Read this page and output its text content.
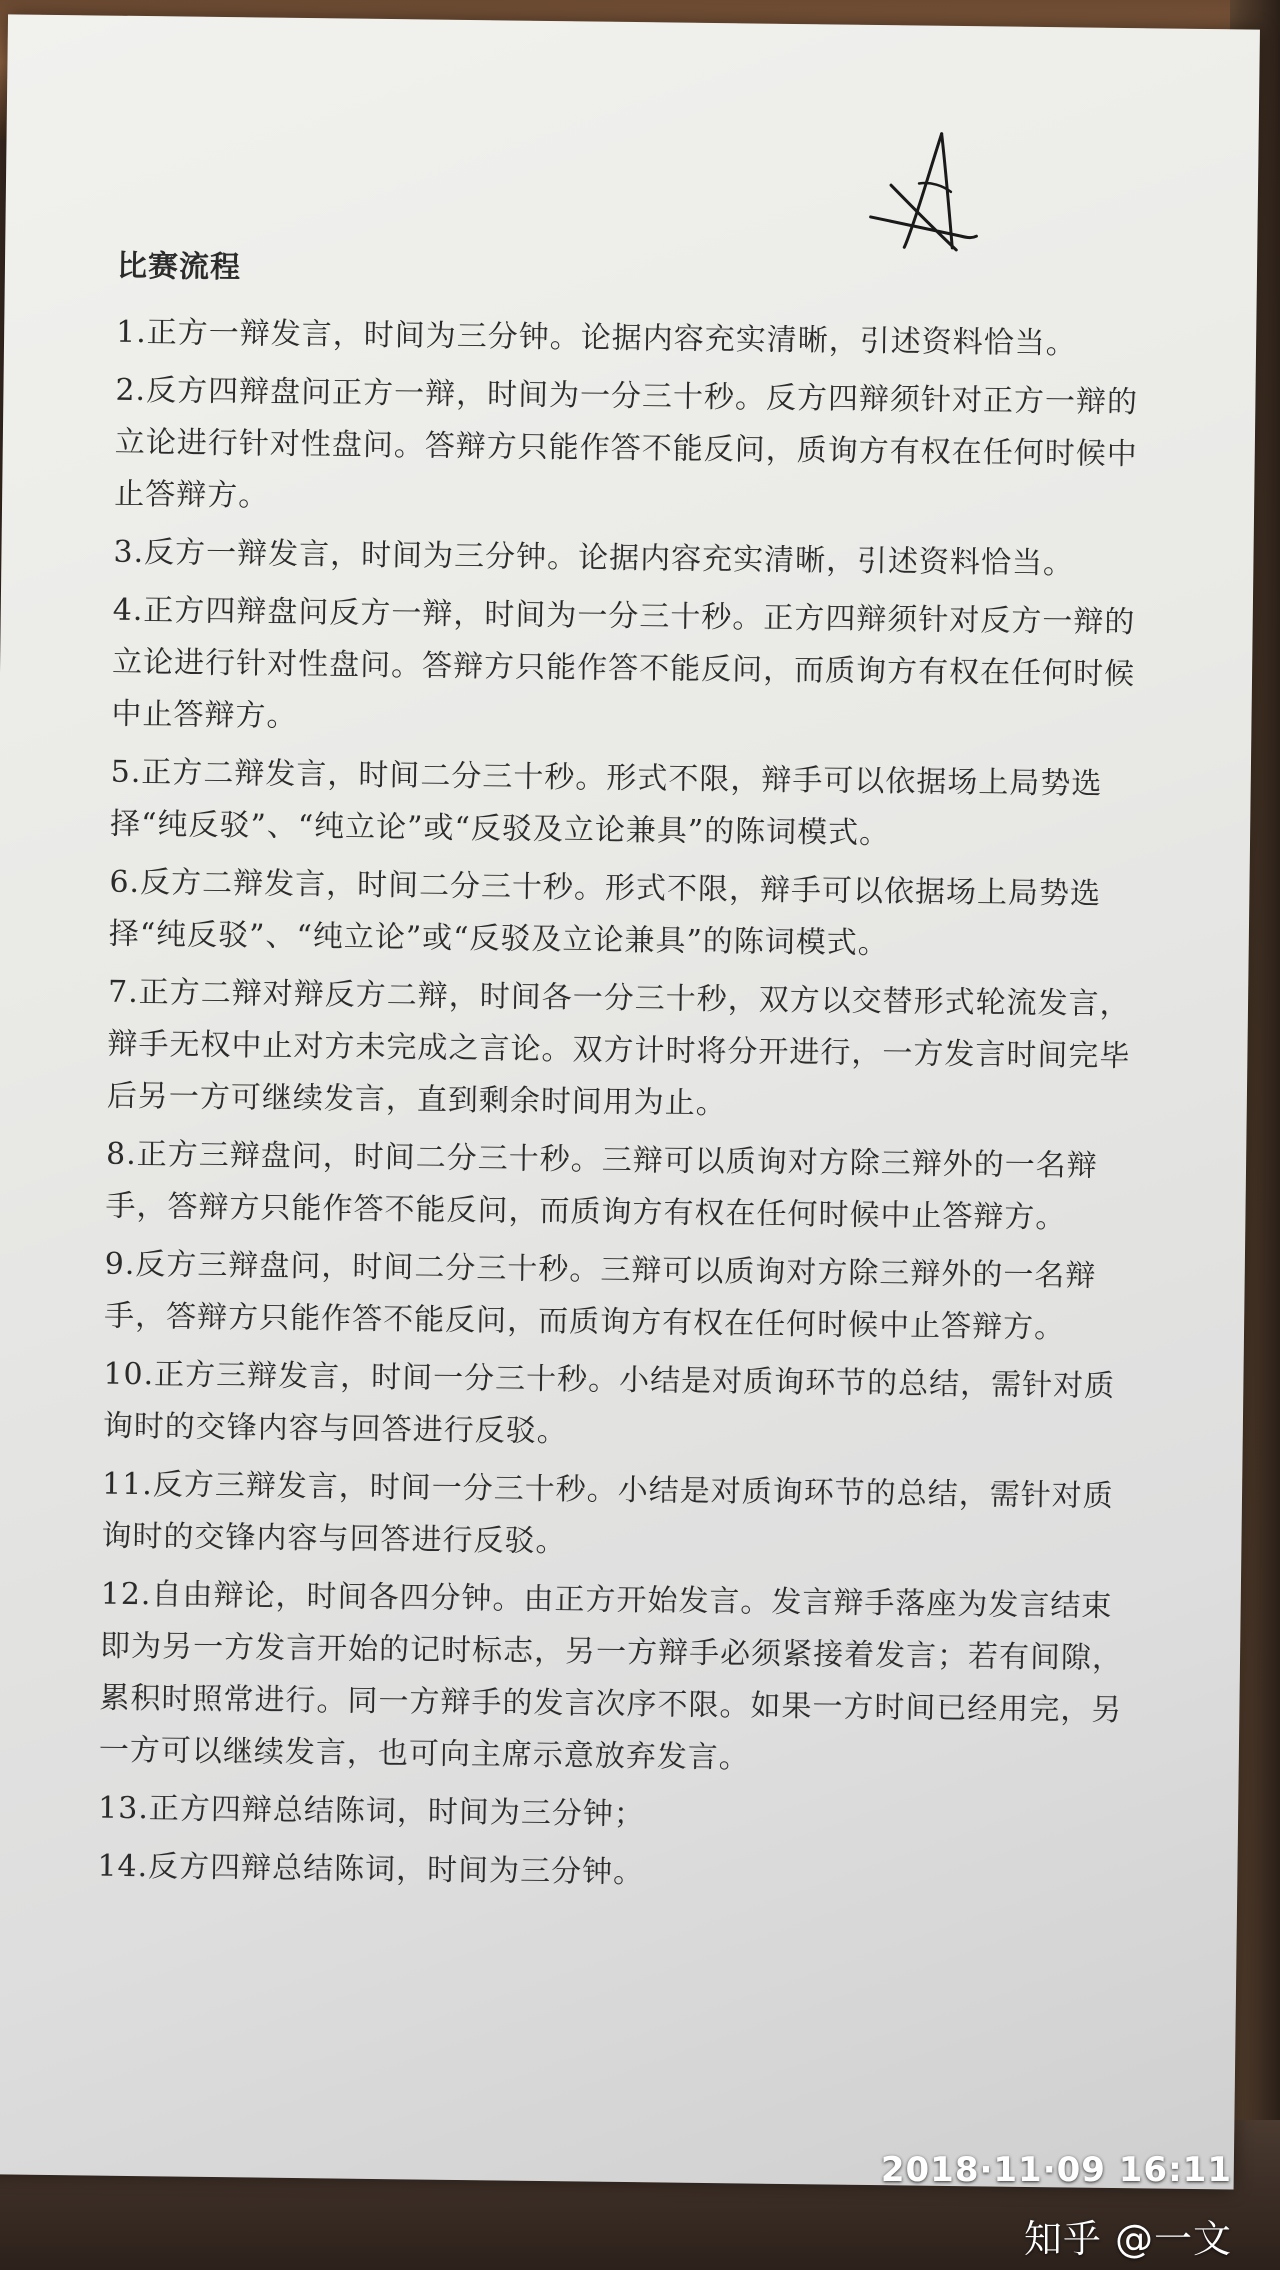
比赛流程
1.正方一辩发言，时间为三分钟。论据内容充实清晰，引述资料恰当。
2.反方四辩盘问正方一辩，时间为一分三十秒。反方四辩须针对正方一辩的立论进行针对性盘问。答辩方只能作答不能反问，质询方有权在任何时候中止答辩方。
3.反方一辩发言，时间为三分钟。论据内容充实清晰，引述资料恰当。
4.正方四辩盘问反方一辩，时间为一分三十秒。正方四辩须针对反方一辩的立论进行针对性盘问。答辩方只能作答不能反问，而质询方有权在任何时候中止答辩方。
5.正方二辩发言，时间二分三十秒。形式不限，辩手可以依据场上局势选择“纯反驳”、“纯立论”或“反驳及立论兼具”的陈词模式。
6.反方二辩发言，时间二分三十秒。形式不限，辩手可以依据场上局势选择“纯反驳”、“纯立论”或“反驳及立论兼具”的陈词模式。
7.正方二辩对辩反方二辩，时间各一分三十秒，双方以交替形式轮流发言，辩手无权中止对方未完成之言论。双方计时将分开进行，一方发言时间完毕后另一方可继续发言，直到剩余时间用为止。
8.正方三辩盘问，时间二分三十秒。三辩可以质询对方除三辩外的一名辩手，答辩方只能作答不能反问，而质询方有权在任何时候中止答辩方。
9.反方三辩盘问，时间二分三十秒。三辩可以质询对方除三辩外的一名辩手，答辩方只能作答不能反问，而质询方有权在任何时候中止答辩方。
10.正方三辩发言，时间一分三十秒。小结是对质询环节的总结，需针对质询时的交锋内容与回答进行反驳。
11.反方三辩发言，时间一分三十秒。小结是对质询环节的总结，需针对质询时的交锋内容与回答进行反驳。
12.自由辩论，时间各四分钟。由正方开始发言。发言辩手落座为发言结束即为另一方发言开始的记时标志，另一方辩手必须紧接着发言；若有间隙，累积时照常进行。同一方辩手的发言次序不限。如果一方时间已经用完，另一方可以继续发言，也可向主席示意放弃发言。
13.正方四辩总结陈词，时间为三分钟；
14.反方四辩总结陈词，时间为三分钟。
2018·11·09 16:11
知乎 @一文
